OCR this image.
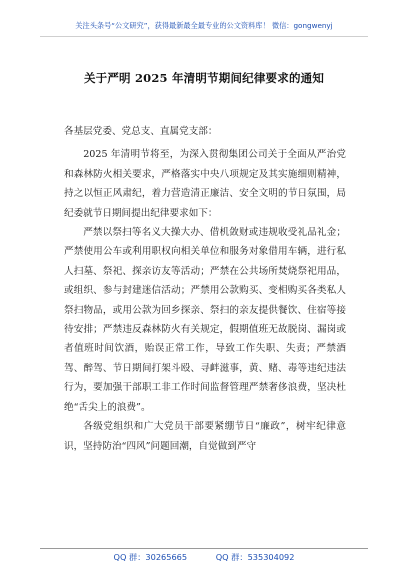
关注头条号“公文研究”，获得最新最全最专业的公文资料库！ 微信：gongwenyj
关于严明 2025 年清明节期间纪律要求的通知

各基层党委、党总支、直属党支部：

2025 年清明节将至，为深入贯彻集团公司关于全面从严治党和森林防火相关要求，严格落实中央八项规定及其实施细则精神，持之以恒正风肃纪，着力营造清正廉洁、安全文明的节日氛围，局纪委就节日期间提出纪律要求如下：

严禁以祭扫等名义大操大办、借机敛财或违规收受礼品礼金；严禁使用公车或利用职权向相关单位和服务对象借用车辆，进行私人扫墓、祭祀、探亲访友等活动；严禁在公共场所焚烧祭祀用品，或组织、参与封建迷信活动；严禁用公款购买、变相购买各类私人祭扫物品，或用公款为回乡探亲、祭扫的亲友提供餐饮、住宿等接待安排；严禁违反森林防火有关规定，假期值班无故脱岗、漏岗或者值班时间饮酒，贻误正常工作，导致工作失职、失责；严禁酒驾、醉驾、节日期间打架斗殴、寻衅滋事，黄、赌、毒等违纪违法行为，要加强干部职工非工作时间监督管理严禁奢侈浪费，坚决杜绝“舌尖上的浪费”。

各级党组织和广大党员干部要紧绷节日“廉政”，树牢纪律意识，坚持防治“四风”问题回潮，自觉做到严守

QQ 群：30265665	QQ 群：535304092
